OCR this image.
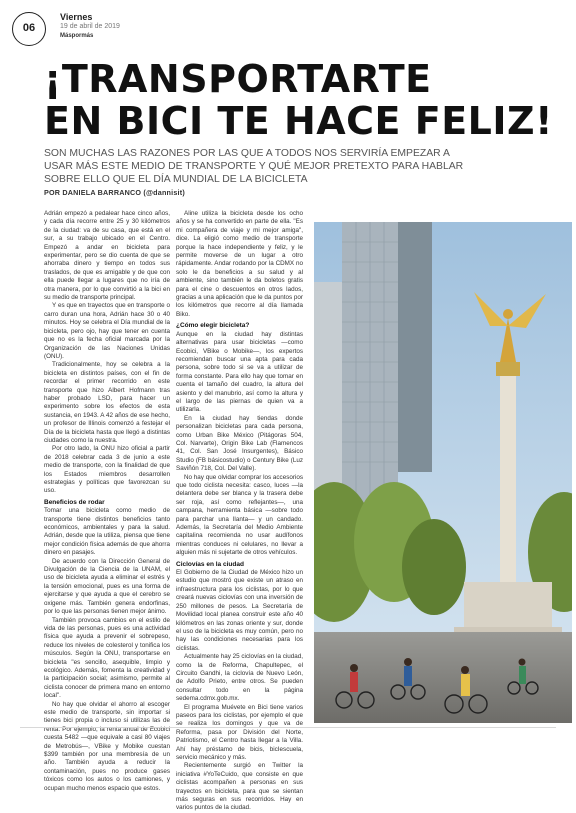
06
Viernes
19 de abril de 2019
Máspormás
¡TRANSPORTARTE
EN BICI TE HACE FELIZ!
SON MUCHAS LAS RAZONES POR LAS QUE A TODOS NOS SERVIRÍA EMPEZAR A USAR MÁS ESTE MEDIO DE TRANSPORTE Y QUÉ MEJOR PRETEXTO PARA HABLAR SOBRE ELLO QUE EL DÍA MUNDIAL DE LA BICICLETA
POR DANIELA BARRANCO (@dannisit)

Adrián empezó a pedalear hace cinco años, y cada día recorre entre 25 y 30 kilómetros de la ciudad: va de su casa, que está en el sur, a su trabajo ubicado en el Centro. Empezó a andar en bicicleta para experimentar, pero se dio cuenta de que se ahorraba dinero y tiempo en todos sus traslados, de que es amigable y de que con ella puede llegar a lugares que no iría de otra manera, por lo que convirtió a la bici en su medio de transporte principal.

Y es que en trayectos que en transporte o carro duran una hora, Adrián hace 30 o 40 minutos. Hoy se celebra el Día mundial de la bicicleta, pero ojo, hay que tener en cuenta que no es la fecha oficial marcada por la Organización de las Naciones Unidas (ONU).

Tradicionalmente, hoy se celebra a la bicicleta en distintos países, con el fin de recordar el primer recorrido en este transporte que hizo Albert Hofmann tras haber probado LSD, para hacer un experimento sobre los efectos de esta sustancia, en 1943. A 42 años de ese hecho, un profesor de Illinois comenzó a festejar el Día de la bicicleta hasta que llegó a distintas ciudades como la nuestra.

Por otro lado, la ONU hizo oficial a partir de 2018 celebrar cada 3 de junio a este medio de transporte, con la finalidad de que los Estados miembros desarrollen estrategias y políticas que favorezcan su uso.

Beneficios de rodar

Tomar una bicicleta como medio de transporte tiene distintos beneficios tanto económicos, ambientales y para la salud. Adrián, desde que la utiliza, piensa que tiene mejor condición física además de que ahorra dinero en pasajes.

De acuerdo con la Dirección General de Divulgación de la Ciencia de la UNAM, el uso de bicicleta ayuda a eliminar el estrés y la tensión emocional, pues es una forma de ejercitarse y que ayuda a que el cerebro se oxigene más. También genera endorfinas, por lo que las personas tienen mejor ánimo.

También provoca cambios en el estilo de vida de las personas, pues es una actividad física que ayuda a prevenir el sobrepeso, reduce los niveles de colesterol y tonifica los músculos. Según la ONU, transportarse en bicicleta "es sencillo, asequible, limpio y ecológico. Además, fomenta la creatividad y la participación social; asimismo, permite al ciclista conocer de primera mano en entorno local".

No hay que olvidar el ahorro al escoger este medio de transporte, sin importar si tienes bici propia o incluso si utilizas las de renta. Por ejemplo, la renta anual de Ecobici cuesta 5482 —que equivale a casi 80 viajes de Metrobús—, VBike y Mobike cuestan $399 también por una membresía de un año. También ayuda a reducir la contaminación, pues no produce gases tóxicos como los autos o los camiones, y ocupan mucho menos espacio que estos.

Aline utiliza la bicicleta desde los ocho años y se ha convertido en parte de ella. "Es mi compañera de viaje y mi mejor amiga", dice. La eligió como medio de transporte porque la hace independiente y feliz, y le permite moverse de un lugar a otro rápidamente. Andar rodando por la CDMX no solo le da beneficios a su salud y al ambiente, sino también le da boletos gratis para el cine o descuentos en otros lados, gracias a una aplicación que le da puntos por los kilómetros que recorre al día llamada Biko.

¿Cómo elegir bicicleta?

Aunque en la ciudad hay distintas alternativas para usar bicicletas —como Ecobici, VBike o Mobike—, los expertos recomiendan buscar una apta para cada persona, sobre todo si se va a utilizar de forma constante. Para ello hay que tomar en cuenta el tamaño del cuadro, la altura del asiento y del manubrio, así como la altura y el largo de las piernas de quien va a utilizarla.

En la ciudad hay tiendas donde personalizan bicicletas para cada persona, como Urban Bike México (Pitágoras 504, Col. Narvarte), Origin Bike Lab (Flamencos 41, Col. San José Insurgentes), Básico Studio (FB básicostudio) o Century Bike (Luz Saviñón 718, Col. Del Valle).

No hay que olvidar comprar los accesorios que todo ciclista necesita: casco, luces —la delantera debe ser blanca y la trasera debe ser roja, así como reflejantes—, una campana, herramienta básica —sobre todo para parchar una llanta— y un candado. Además, la Secretaría del Medio Ambiente capitalina recomienda no usar audífonos mientras conduces ni celulares, no llevar a alguien más ni sujetarte de otros vehículos.

Ciclovías en la ciudad

El Gobierno de la Ciudad de México hizo un estudio que mostró que existe un atraso en infraestructura para los ciclistas, por lo que creará nuevas ciclovías con una inversión de 250 millones de pesos. La Secretaría de Movilidad local planea construir este año 40 kilómetros en las zonas oriente y sur, donde el uso de la bicicleta es muy común, pero no hay las condiciones necesarias para los ciclistas.

Actualmente hay 25 ciclovías en la ciudad, como la de Reforma, Chapultepec, el Circuito Gandhi, la ciclovía de Nuevo León, de Adolfo Prieto, entre otros. Se pueden consultar todo en la página sedema.cdmx.gob.mx.

El programa Muévete en Bici tiene varios paseos para los ciclistas, por ejemplo el que se realiza los domingos y que va de Reforma, pasa por División del Norte, Patriotismo, el Centro hasta llegar a la Villa. Ahí hay préstamo de bicis, bicIescuela, servicio mecánico y más.

Recientemente surgió en Twitter la iniciativa #YoTeCuido, que consiste en que ciclistas acompañen a personas en sus trayectos en bicicleta, para que se sientan más seguras en sus recorridos. Hay en varios puntos de la ciudad.
